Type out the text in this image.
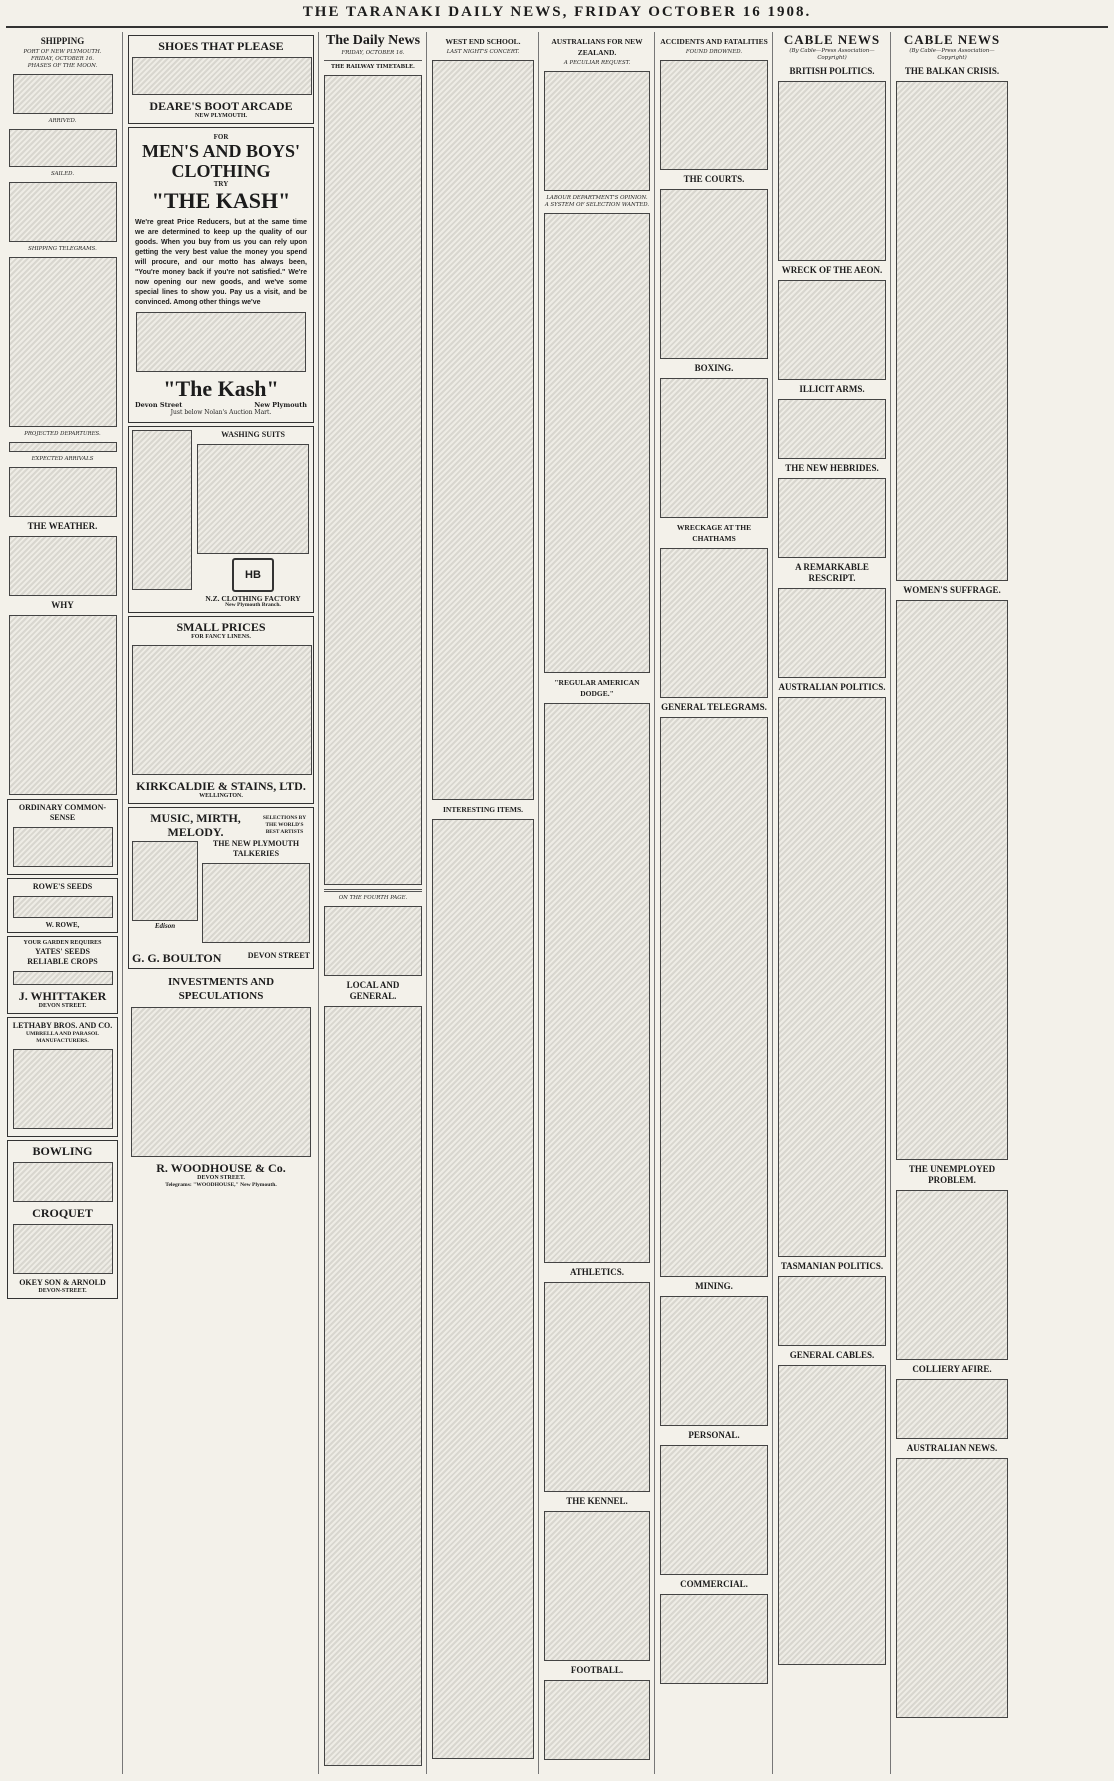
THE TARANAKI DAILY NEWS, FRIDAY OCTOBER 16 1908.
SHIPPING
PORT OF NEW PLYMOUTH.
FRIDAY, OCTOBER 16.
PHASES OF THE MOON.
ARRIVED.
SAILED.
SHIPPING TELEGRAMS.
PROJECTED DEPARTURES.
EXPECTED ARRIVALS
THE WEATHER.
WHY
ORDINARY COMMON-SENSE
ROWE'S SEEDS
W. ROWE,
YOUR GARDEN REQUIRES
YATES' SEEDS
RELIABLE CROPS
J. WHITTAKER
DEVON STREET.
LETHABY BROS. AND CO.
UMBRELLA AND PARASOL MANUFACTURERS.
BOWLING
CROQUET
OKEY SON & ARNOLD
DEVON-STREET.
SHOES THAT PLEASE
DEARE'S BOOT ARCADE
NEW PLYMOUTH.
FOR
MEN'S AND BOYS' CLOTHING
TRY
"THE KASH"
We're great Price Reducers, but at the same time we are determined to keep up the quality of our goods. When you buy from us you can rely upon getting the very best value the money you spend will procure, and our motto has always been, "You're money back if you're not satisfied." We're now opening our new goods, and we've some special lines to show you. Pay us a visit, and be convinced. Among other things we've
"The Kash"
Devon Street	New Plymouth
Just below Nolan's Auction Mart.
WASHING SUITS
HB
N.Z. CLOTHING FACTORY
New Plymouth Branch.
SMALL PRICES
FOR FANCY LINENS.
KIRKCALDIE & STAINS, LTD.
WELLINGTON.
MUSIC, MIRTH, MELODY.
SELECTIONS BY THE WORLD'S BEST ARTISTS
Edison
THE NEW PLYMOUTH TALKERIES
G. G. BOULTON	DEVON STREET
INVESTMENTS AND SPECULATIONS
R. WOODHOUSE & Co.
DEVON STREET.
Telegrams: "WOODHOUSE," New Plymouth.
The Daily News
FRIDAY, OCTOBER 16.
THE RAILWAY TIMETABLE.
ON THE FOURTH PAGE.
LOCAL AND GENERAL.
WEST END SCHOOL.
LAST NIGHT'S CONCERT.
INTERESTING ITEMS.
AUSTRALIANS FOR NEW ZEALAND.
A PECULIAR REQUEST.
LABOUR DEPARTMENT'S OPINION.
A SYSTEM OF SELECTION WANTED.
"REGULAR AMERICAN DODGE."
ATHLETICS.
THE KENNEL.
FOOTBALL.
ACCIDENTS AND FATALITIES
FOUND DROWNED.
THE COURTS.
BOXING.
WRECKAGE AT THE CHATHAMS
GENERAL TELEGRAMS.
MINING.
PERSONAL.
COMMERCIAL.
CABLE NEWS
(By Cable—Press Association—Copyright)
BRITISH POLITICS.
WRECK OF THE AEON.
ILLICIT ARMS.
THE NEW HEBRIDES.
A REMARKABLE RESCRIPT.
AUSTRALIAN POLITICS.
TASMANIAN POLITICS.
GENERAL CABLES.
CABLE NEWS
(By Cable—Press Association—Copyright)
THE BALKAN CRISIS.
WOMEN'S SUFFRAGE.
THE UNEMPLOYED PROBLEM.
COLLIERY AFIRE.
AUSTRALIAN NEWS.
